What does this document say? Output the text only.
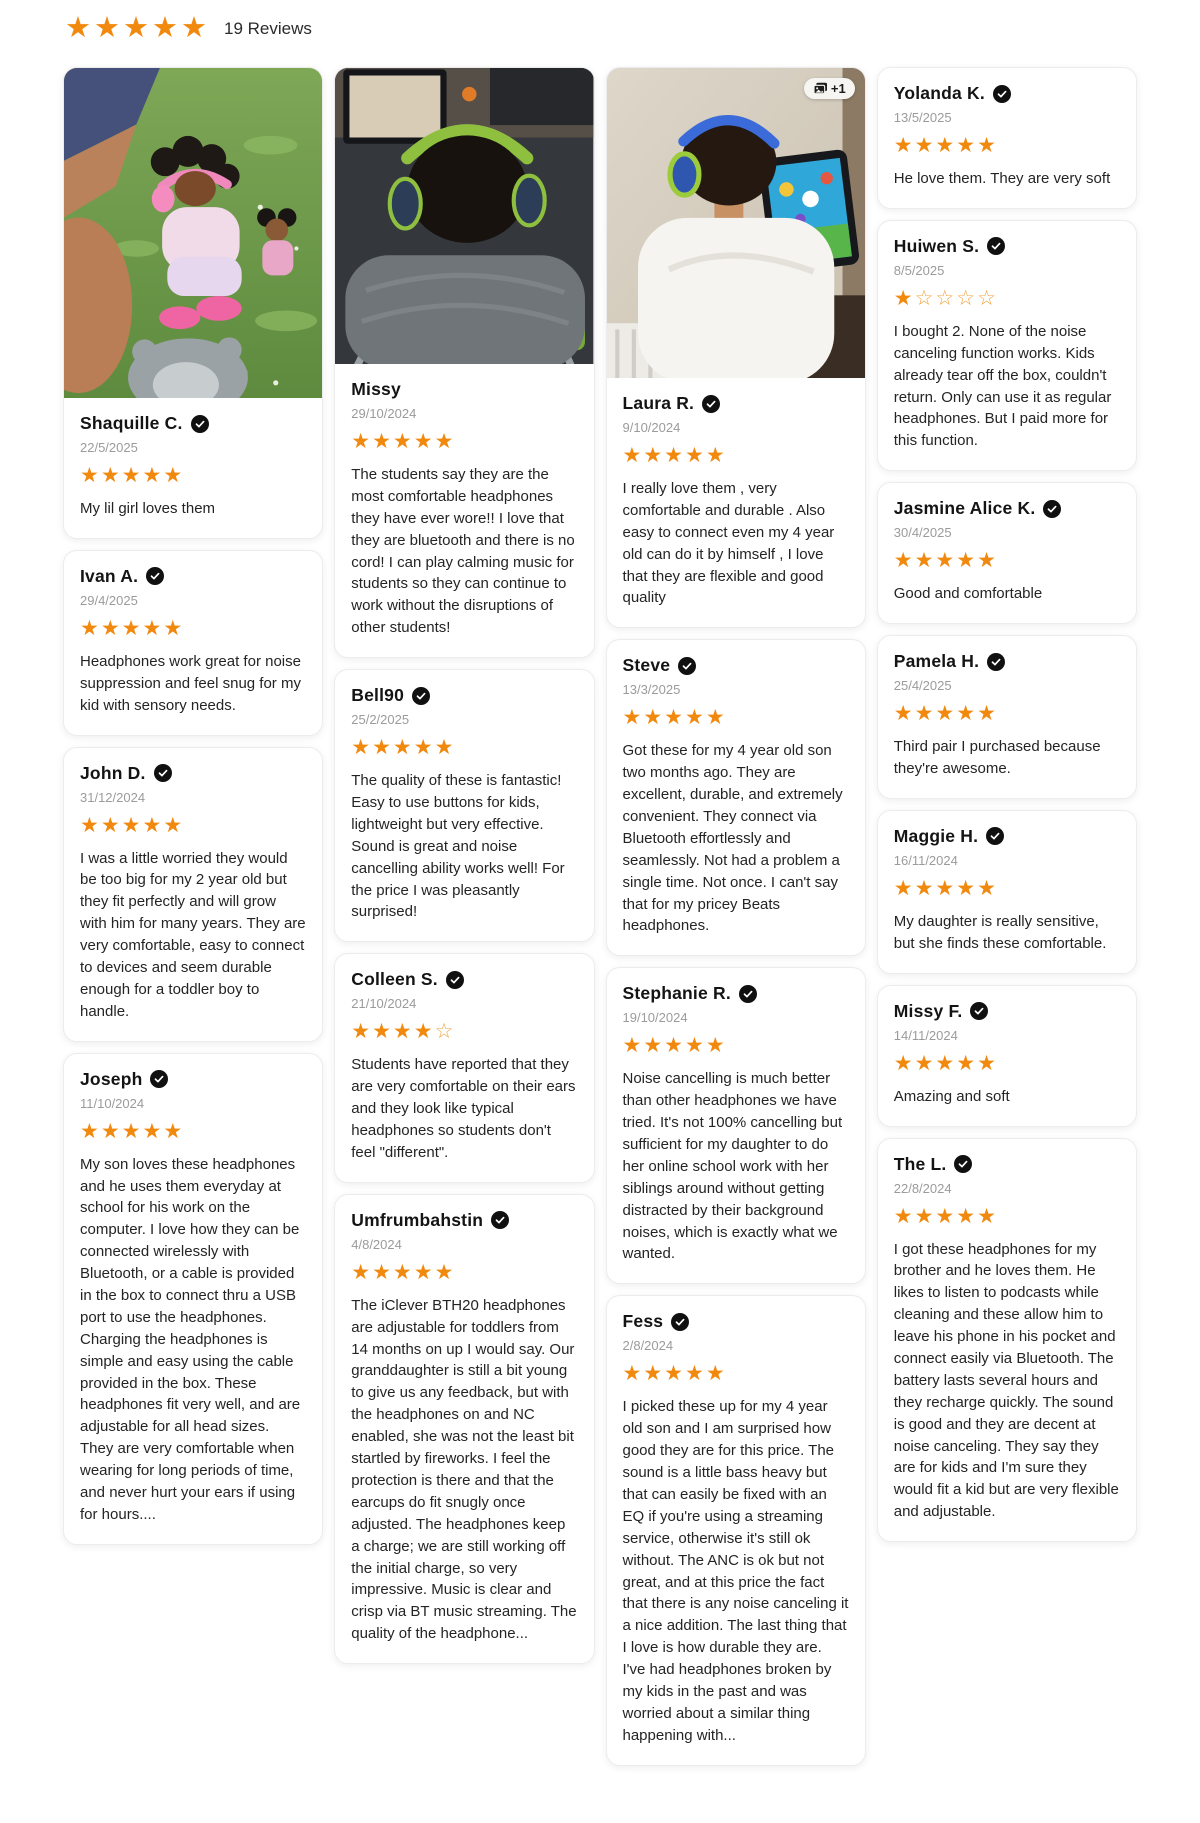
★★★★★ 19 Reviews
Shaquille C.
22/5/2025
★★★★★

My lil girl loves them

Ivan A.
29/4/2025
★★★★★

Headphones work great for noise suppression and feel snug for my kid with sensory needs.

John D.
31/12/2024
★★★★★

I was a little worried they would be too big for my 2 year old but they fit perfectly and will grow with him for many years. They are very comfortable, easy to connect to devices and seem durable enough for a toddler boy to handle.

Joseph
11/10/2024
★★★★★

My son loves these headphones and he uses them everyday at school for his work on the computer. I love how they can be connected wirelessly with Bluetooth, or a cable is provided in the box to connect thru a USB port to use the headphones. Charging the headphones is simple and easy using the cable provided in the box. These headphones fit very well, and are adjustable for all head sizes. They are very comfortable when wearing for long periods of time, and never hurt your ears if using for hours....

Missy
29/10/2024
★★★★★

The students say they are the most comfortable headphones they have ever wore!! I love that they are bluetooth and there is no cord! I can play calming music for students so they can continue to work without the disruptions of other students!

Bell90
25/2/2025
★★★★★

The quality of these is fantastic! Easy to use buttons for kids, lightweight but very effective. Sound is great and noise cancelling ability works well! For the price I was pleasantly surprised!

Colleen S.
21/10/2024
★★★★☆

Students have reported that they are very comfortable on their ears and they look like typical headphones so students don't feel "different".

Umfrumbahstin
4/8/2024
★★★★★

The iClever BTH20 headphones are adjustable for toddlers from 14 months on up I would say. Our granddaughter is still a bit young to give us any feedback, but with the headphones on and NC enabled, she was not the least bit startled by fireworks. I feel the protection is there and that the earcups do fit snugly once adjusted. The headphones keep a charge; we are still working off the initial charge, so very impressive. Music is clear and crisp via BT music streaming. The quality of the headphone...

+1
Laura R.
9/10/2024
★★★★★

I really love them , very comfortable and durable . Also easy to connect even my 4 year old can do it by himself , I love that they are flexible and good quality

Steve
13/3/2025
★★★★★

Got these for my 4 year old son two months ago. They are excellent, durable, and extremely convenient. They connect via Bluetooth effortlessly and seamlessly. Not had a problem a single time. Not once. I can't say that for my pricey Beats headphones.

Stephanie R.
19/10/2024
★★★★★

Noise cancelling is much better than other headphones we have tried. It's not 100% cancelling but sufficient for my daughter to do her online school work with her siblings around without getting distracted by their background noises, which is exactly what we wanted.

Fess
2/8/2024
★★★★★

I picked these up for my 4 year old son and I am surprised how good they are for this price. The sound is a little bass heavy but that can easily be fixed with an EQ if you're using a streaming service, otherwise it's still ok without. The ANC is ok but not great, and at this price the fact that there is any noise canceling it a nice addition. The last thing that I love is how durable they are. I've had headphones broken by my kids in the past and was worried about a similar thing happening with...

Yolanda K.
13/5/2025
★★★★★

He love them. They are very soft

Huiwen S.
8/5/2025
★☆☆☆☆

I bought 2. None of the noise canceling function works. Kids already tear off the box, couldn't return. Only can use it as regular headphones. But I paid more for this function.

Jasmine Alice K.
30/4/2025
★★★★★

Good and comfortable

Pamela H.
25/4/2025
★★★★★

Third pair I purchased because they're awesome.

Maggie H.
16/11/2024
★★★★★

My daughter is really sensitive, but she finds these comfortable.

Missy F.
14/11/2024
★★★★★

Amazing and soft

The L.
22/8/2024
★★★★★

I got these headphones for my brother and he loves them. He likes to listen to podcasts while cleaning and these allow him to leave his phone in his pocket and connect easily via Bluetooth. The battery lasts several hours and they recharge quickly. The sound is good and they are decent at noise canceling. They say they are for kids and I'm sure they would fit a kid but are very flexible and adjustable.
